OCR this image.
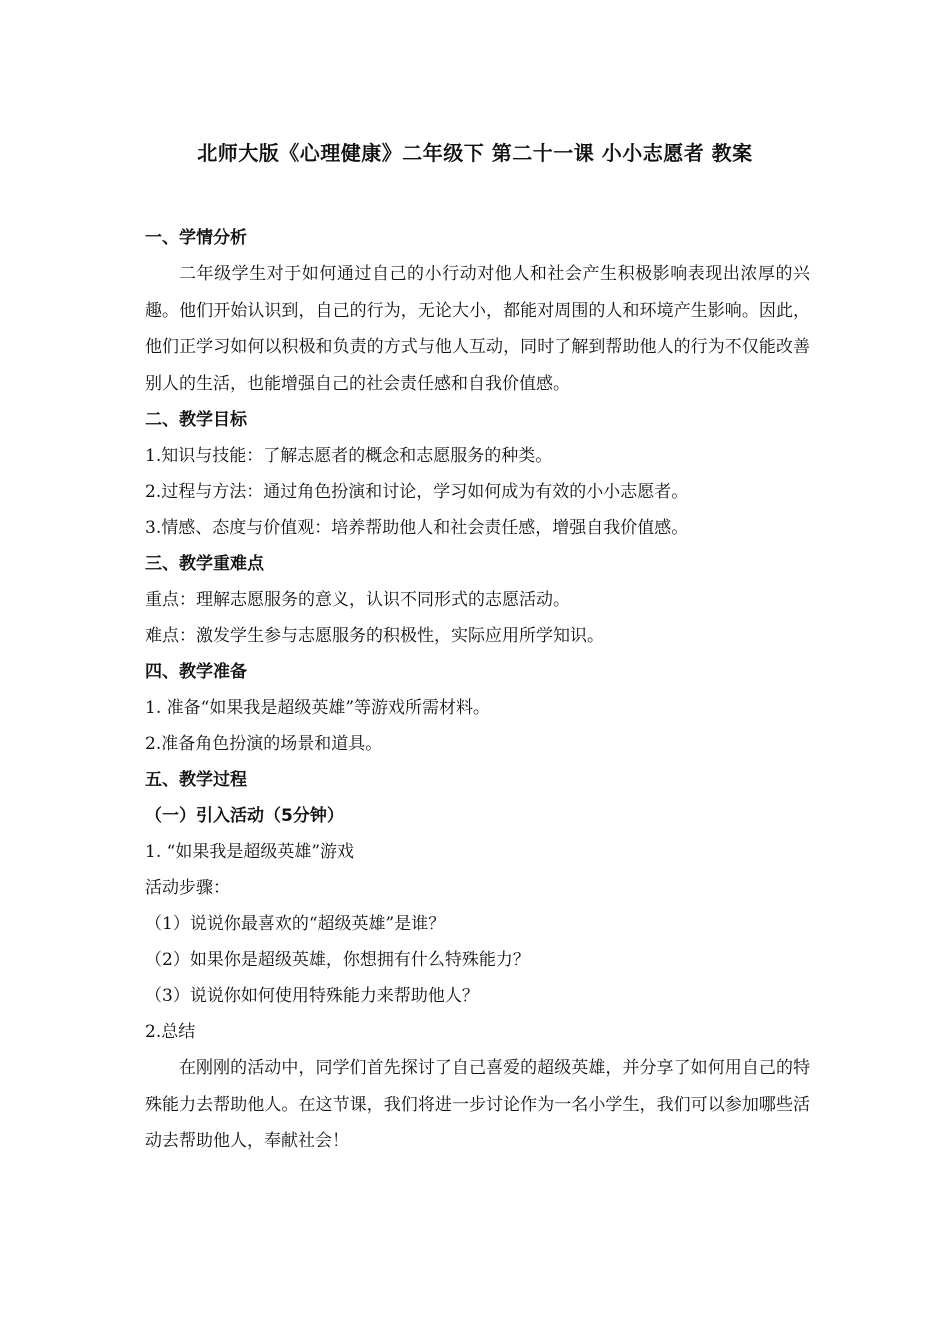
北师大版《心理健康》二年级下 第二十一课 小小志愿者 教案
一、学情分析

二年级学生对于如何通过自己的小行动对他人和社会产生积极影响表现出浓厚的兴趣。他们开始认识到，自己的行为，无论大小，都能对周围的人和环境产生影响。因此，他们正学习如何以积极和负责的方式与他人互动，同时了解到帮助他人的行为不仅能改善别人的生活，也能增强自己的社会责任感和自我价值感。

二、教学目标
1.知识与技能：了解志愿者的概念和志愿服务的种类。
2.过程与方法：通过角色扮演和讨论，学习如何成为有效的小小志愿者。
3.情感、态度与价值观：培养帮助他人和社会责任感，增强自我价值感。
三、教学重难点
重点：理解志愿服务的意义，认识不同形式的志愿活动。
难点：激发学生参与志愿服务的积极性，实际应用所学知识。
四、教学准备
1. 准备“如果我是超级英雄”等游戏所需材料。
2.准备角色扮演的场景和道具。
五、教学过程
（一）引入活动（5分钟）
1. “如果我是超级英雄”游戏
活动步骤：
（1）说说你最喜欢的“超级英雄”是谁？
（2）如果你是超级英雄，你想拥有什么特殊能力？
（3）说说你如何使用特殊能力来帮助他人？
2.总结

在刚刚的活动中，同学们首先探讨了自己喜爱的超级英雄，并分享了如何用自己的特殊能力去帮助他人。在这节课，我们将进一步讨论作为一名小学生，我们可以参加哪些活动去帮助他人，奉献社会！
